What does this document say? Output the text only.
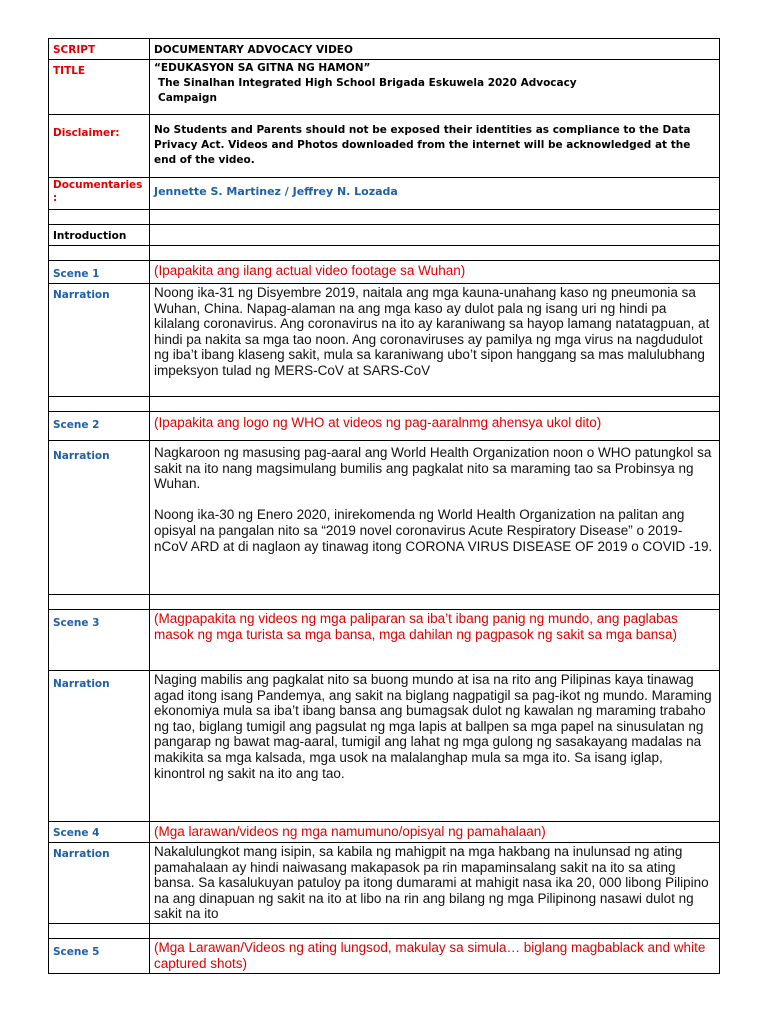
SCRIPT	DOCUMENTARY ADVOCACY VIDEO
TITLE	“EDUKASYON SA GITNA NG HAMON”
The Sinalhan Integrated High School Brigada Eskuwela 2020 Advocacy
Campaign

Disclaimer:	No Students and Parents should not be exposed their identities as compliance to the Data Privacy Act. Videos and Photos downloaded from the internet will be acknowledged at the end of the video.

Documentaries :	Jennette S. Martinez / Jeffrey N. Lozada

Introduction	

Scene 1	(Ipapakita ang ilang actual video footage sa Wuhan)
Narration	Noong ika-31 ng Disyembre 2019, naitala ang mga kauna-unahang kaso ng pneumonia sa Wuhan, China. Napag-alaman na ang mga kaso ay dulot pala ng isang uri ng hindi pa kilalang coronavirus. Ang coronavirus na ito ay karaniwang sa hayop lamang natatagpuan, at hindi pa nakita sa mga tao noon. Ang coronaviruses ay pamilya ng mga virus na nagdudulot ng iba’t ibang klaseng sakit, mula sa karaniwang ubo’t sipon hanggang sa mas malulubhang impeksyon tulad ng MERS-CoV at SARS-CoV

Scene 2	(Ipapakita ang logo ng WHO at videos ng pag-aaralnmg ahensya ukol dito)
Narration	Nagkaroon ng masusing pag-aaral ang World Health Organization noon o WHO patungkol sa sakit na ito nang magsimulang bumilis ang pagkalat nito sa maraming tao sa Probinsya ng Wuhan.

Noong ika-30 ng Enero 2020, inirekomenda ng World Health Organization na palitan ang opisyal na pangalan nito sa “2019 novel coronavirus Acute Respiratory Disease” o 2019-nCoV ARD at di naglaon ay tinawag itong CORONA VIRUS DISEASE OF 2019 o COVID -19.

Scene 3	(Magpapakita ng videos ng mga paliparan sa iba’t ibang panig ng mundo, ang paglabas masok ng mga turista sa mga bansa, mga dahilan ng pagpasok ng sakit sa mga bansa)

Narration	Naging mabilis ang pagkalat nito sa buong mundo at isa na rito ang Pilipinas kaya tinawag agad itong isang Pandemya, ang sakit na biglang nagpatigil sa pag-ikot ng mundo. Maraming ekonomiya mula sa iba’t ibang bansa ang bumagsak dulot ng kawalan ng maraming trabaho ng tao, biglang tumigil ang pagsulat ng mga lapis at ballpen sa mga papel na sinusulatan ng pangarap ng bawat mag-aaral, tumigil ang lahat ng mga gulong ng sasakayang madalas na makikita sa mga kalsada, mga usok na malalanghap mula sa mga ito. Sa isang iglap, kinontrol ng sakit na ito ang tao.

Scene 4	(Mga larawan/videos ng mga namumuno/opisyal ng pamahalaan)
Narration	Nakalulungkot mang isipin, sa kabila ng mahigpit na mga hakbang na inulunsad ng ating pamahalaan ay hindi naiwasang makapasok pa rin mapaminsalang sakit na ito sa ating bansa. Sa kasalukuyan patuloy pa itong dumarami at mahigit nasa ika 20, 000 libong Pilipino na ang dinapuan ng sakit na ito at libo na rin ang bilang ng mga Pilipinong nasawi dulot ng sakit na ito

Scene 5	(Mga Larawan/Videos ng ating lungsod, makulay sa simula… biglang magbablack and white captured shots)
